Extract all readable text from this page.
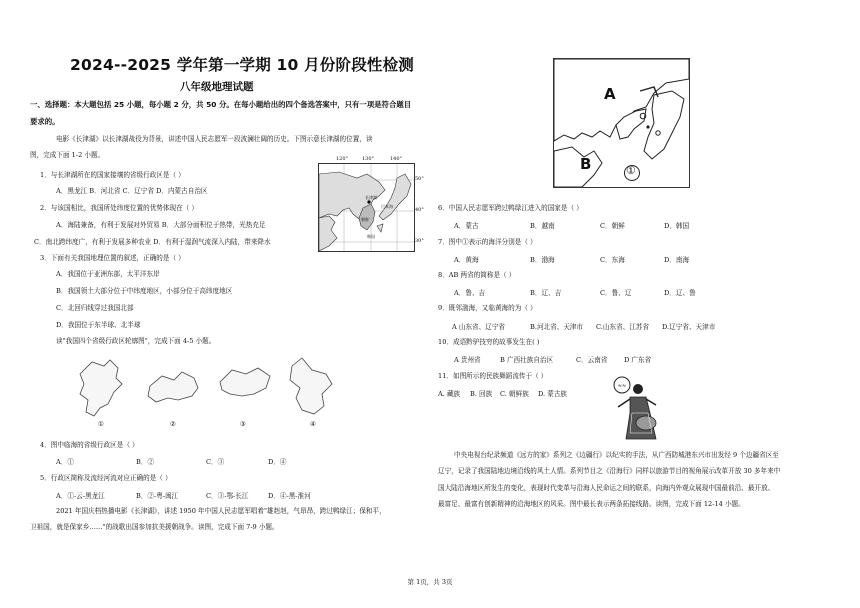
2024--2025 学年第一学期 10 月份阶段性检测
八年级地理试题
一、选择题：本大题包括 25 小题，每小题 2 分，共 50 分。在每小题给出的四个备选答案中，只有一项是符合题目
要求的。
电影《长津湖》以长津湖战役为背景，讲述中国人民志愿军一段波澜壮阔的历史。下图示意长津湖的位置，读
图，完成下面 1-2 小题。
长津湖
朝鲜
日本海
韩国
120°	130°	140°
50°
40°
30°
1．与长津湖所在的国家接壤的省级行政区是（ ）
A．黑龙江 B．河北省 C．辽宁省 D．内蒙古自治区
2．与该国相比，我国所处纬度位置的优势体现在（ ）
A．海陆兼备，有利于发展对外贸易 B．大部分面积位于热带，光热充足
C．南北跨纬度广，有利于发展多种农业 D．有利于湿润气流深入内陆，带来降水
3．下面有关我国地理位置的叙述，正确的是（ ）
A．我国位于亚洲东部，太平洋东岸
B．我国领土大部分位于中纬度地区，小部分位于高纬度地区
C．北回归线穿过我国北部
D．我国位于东半球、北半球
读"我国四个省级行政区轮廓图"，完成下面 4-5 小题。
①	②	③	④
4．图中临海的省级行政区是（ ）
A．①	B．②	C．③	D．④
5．行政区简称及流经河流对应正确的是（ ）
A．①-云-黑龙江	B．②-粤-闽江	C．③-鄂-长江	D．④-黑-淮河
2021 年国庆档热播电影《长津湖》，讲述 1950 年中国人民志愿军唱着"雄赳赳，气昂昂，跨过鸭绿江；保和平，
卫祖国，就是保家乡……"的战歌出国参加抗美援朝战争。读图，完成下面 7-9 小题。
A
B	①
6．中国人民志愿军跨过鸭绿江进入的国家是（ ）
A．蒙古	B．越南	C．朝鲜	D．韩国
7．图中①表示的海洋分别是（ ）
A．黄海	B．渤海	C．东海	D．南海
8．AB 两省的简称是（ ）
A．鲁、吉	B．辽、吉	C．鲁、辽	D．辽、鲁
9．既邻渤海，又临黄海的为（ ）
A 山东省、辽宁省	B.河北省、天津市 C.山东省、江苏省 D.辽宁省、天津市
10．成语黔驴技穷的故事发生在( )
A 贵州省	B 广西壮族自治区	C．云南省	D 广东省
11．如图所示的民族舞蹈流传于（ ）
A. 藏族 B. 回族 C. 朝鲜族 D. 蒙古族
≈≈
中央电视台纪录频道《远方的家》系列之《边疆行》以纪实的手法，从广西防城港东兴市出发经 9 个边疆省区至
辽宁，记录了我国陆地边境沿线的风土人情。系列节目之《沿海行》同样以旅游节目的视角展示改革开放 30 多年来中
国大陆沿海地区所发生的变化，表现时代变革与沿海人民命运之间的联系，向海内外观众展现中国最前沿、最开放、
最富足、最富有创新精神的沿海地区的风采。图中最长表示两条拓接线路。读图，完成下面 12-14 小题。
第 1页，共 3页
